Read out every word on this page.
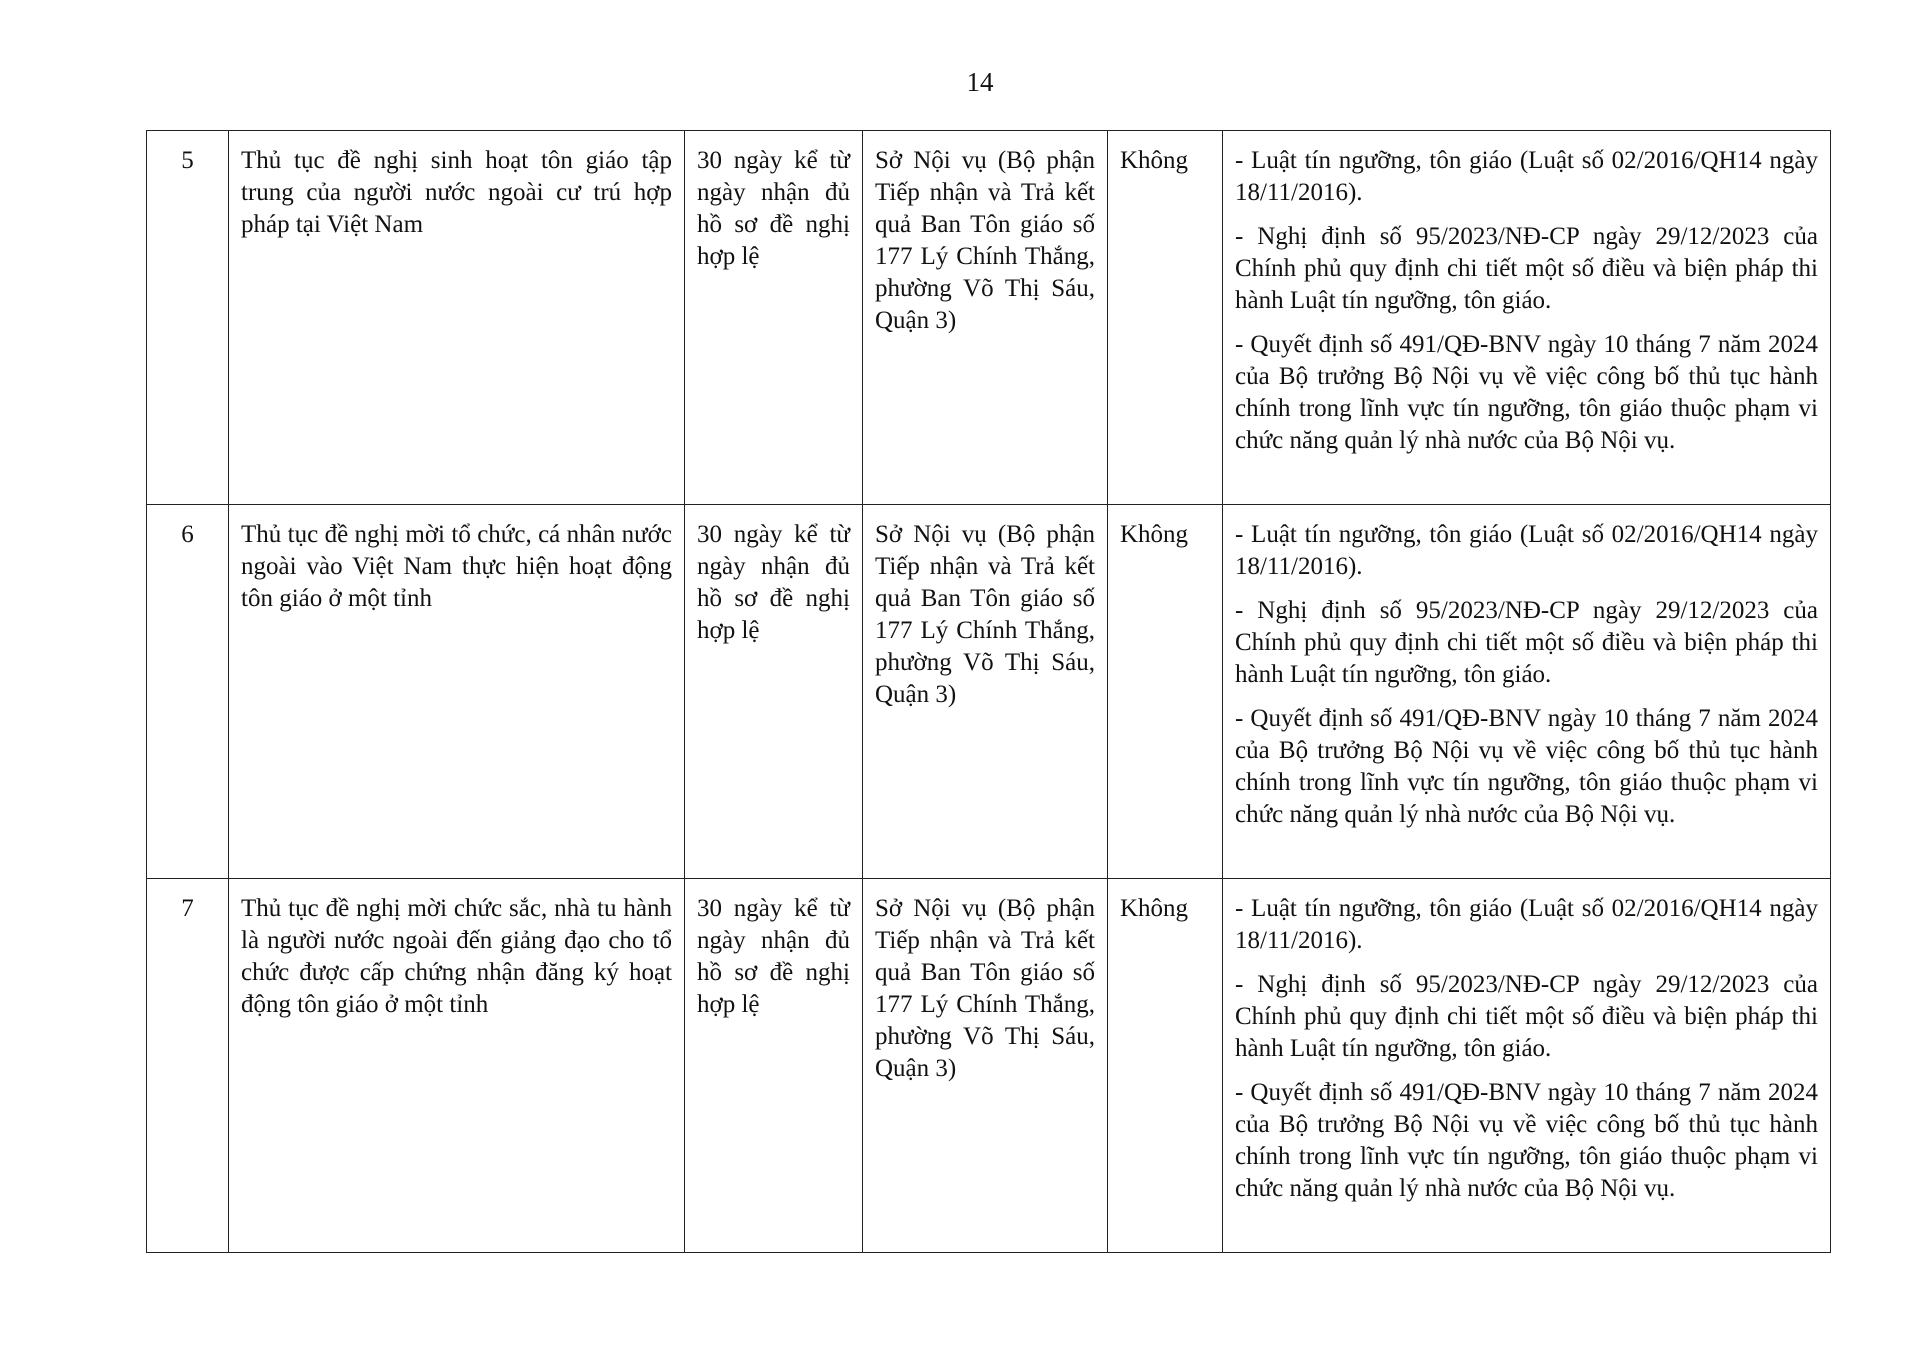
14
5	Thủ tục đề nghị sinh hoạt tôn giáo tập trung của người nước ngoài cư trú hợp pháp tại Việt Nam	30 ngày kể từ ngày nhận đủ hồ sơ đề nghị hợp lệ	Sở Nội vụ (Bộ phận Tiếp nhận và Trả kết quả Ban Tôn giáo số 177 Lý Chính Thắng, phường Võ Thị Sáu, Quận 3)	Không	- Luật tín ngưỡng, tôn giáo (Luật số 02/2016/QH14 ngày 18/11/2016).
- Nghị định số 95/2023/NĐ-CP ngày 29/12/2023 của Chính phủ quy định chi tiết một số điều và biện pháp thi hành Luật tín ngưỡng, tôn giáo.
- Quyết định số 491/QĐ-BNV ngày 10 tháng 7 năm 2024 của Bộ trưởng Bộ Nội vụ về việc công bố thủ tục hành chính trong lĩnh vực tín ngưỡng, tôn giáo thuộc phạm vi chức năng quản lý nhà nước của Bộ Nội vụ.

6	Thủ tục đề nghị mời tổ chức, cá nhân nước ngoài vào Việt Nam thực hiện hoạt động tôn giáo ở một tỉnh	30 ngày kể từ ngày nhận đủ hồ sơ đề nghị hợp lệ	Sở Nội vụ (Bộ phận Tiếp nhận và Trả kết quả Ban Tôn giáo số 177 Lý Chính Thắng, phường Võ Thị Sáu, Quận 3)	Không	- Luật tín ngưỡng, tôn giáo (Luật số 02/2016/QH14 ngày 18/11/2016).
- Nghị định số 95/2023/NĐ-CP ngày 29/12/2023 của Chính phủ quy định chi tiết một số điều và biện pháp thi hành Luật tín ngưỡng, tôn giáo.
- Quyết định số 491/QĐ-BNV ngày 10 tháng 7 năm 2024 của Bộ trưởng Bộ Nội vụ về việc công bố thủ tục hành chính trong lĩnh vực tín ngưỡng, tôn giáo thuộc phạm vi chức năng quản lý nhà nước của Bộ Nội vụ.

7	Thủ tục đề nghị mời chức sắc, nhà tu hành là người nước ngoài đến giảng đạo cho tổ chức được cấp chứng nhận đăng ký hoạt động tôn giáo ở một tỉnh	30 ngày kể từ ngày nhận đủ hồ sơ đề nghị hợp lệ	Sở Nội vụ (Bộ phận Tiếp nhận và Trả kết quả Ban Tôn giáo số 177 Lý Chính Thắng, phường Võ Thị Sáu, Quận 3)	Không	- Luật tín ngưỡng, tôn giáo (Luật số 02/2016/QH14 ngày 18/11/2016).
- Nghị định số 95/2023/NĐ-CP ngày 29/12/2023 của Chính phủ quy định chi tiết một số điều và biện pháp thi hành Luật tín ngưỡng, tôn giáo.
- Quyết định số 491/QĐ-BNV ngày 10 tháng 7 năm 2024 của Bộ trưởng Bộ Nội vụ về việc công bố thủ tục hành chính trong lĩnh vực tín ngưỡng, tôn giáo thuộc phạm vi chức năng quản lý nhà nước của Bộ Nội vụ.
